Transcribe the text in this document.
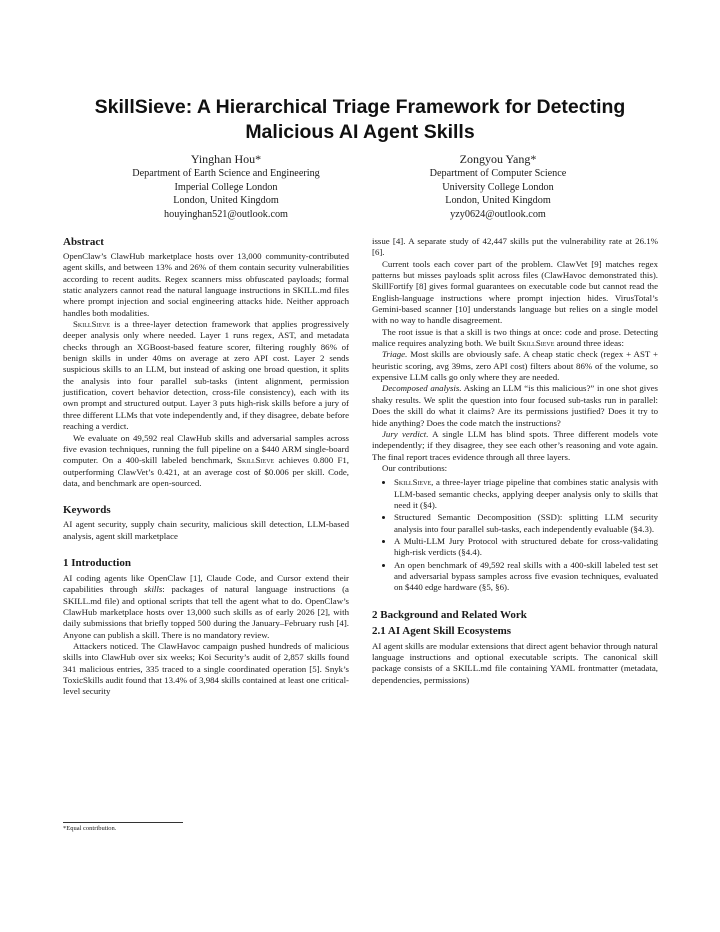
SkillSieve: A Hierarchical Triage Framework for Detecting
Malicious AI Agent Skills
Yinghan Hou*
Department of Earth Science and Engineering
Imperial College London
London, United Kingdom
houyinghan521@outlook.com
Zongyou Yang*
Department of Computer Science
University College London
London, United Kingdom
yzy0624@outlook.com
Abstract

OpenClaw’s ClawHub marketplace hosts over 13,000 community-contributed agent skills, and between 13% and 26% of them contain security vulnerabilities according to recent audits. Regex scanners miss obfuscated payloads; formal static analyzers cannot read the natural language instructions in SKILL.md files where prompt injection and social engineering attacks hide. Neither approach handles both modalities.

SkillSieve is a three-layer detection framework that applies progressively deeper analysis only where needed. Layer 1 runs regex, AST, and metadata checks through an XGBoost-based feature scorer, filtering roughly 86% of benign skills in under 40ms on average at zero API cost. Layer 2 sends suspicious skills to an LLM, but instead of asking one broad question, it splits the analysis into four parallel sub-tasks (intent alignment, permission justification, covert behavior detection, cross-file consistency), each with its own prompt and structured output. Layer 3 puts high-risk skills before a jury of three different LLMs that vote independently and, if they disagree, debate before reaching a verdict.

We evaluate on 49,592 real ClawHub skills and adversarial samples across five evasion techniques, running the full pipeline on a $440 ARM single-board computer. On a 400-skill labeled benchmark, SkillSieve achieves 0.800 F1, outperforming ClawVet’s 0.421, at an average cost of $0.006 per skill. Code, data, and benchmark are open-sourced.

Keywords

AI agent security, supply chain security, malicious skill detection, LLM-based analysis, agent skill marketplace

1 Introduction

AI coding agents like OpenClaw [1], Claude Code, and Cursor extend their capabilities through skills: packages of natural language instructions (a SKILL.md file) and optional scripts that tell the agent what to do. OpenClaw’s ClawHub marketplace hosts over 13,000 such skills as of early 2026 [2], with daily submissions that briefly topped 500 during the January–February rush [4]. Anyone can publish a skill. There is no mandatory review.

Attackers noticed. The ClawHavoc campaign pushed hundreds of malicious skills into ClawHub over six weeks; Koi Security’s audit of 2,857 skills found 341 malicious entries, 335 traced to a single coordinated operation [5]. Snyk’s ToxicSkills audit found that 13.4% of 3,984 skills contained at least one critical-level security

issue [4]. A separate study of 42,447 skills put the vulnerability rate at 26.1% [6].

Current tools each cover part of the problem. ClawVet [9] matches regex patterns but misses payloads split across files (ClawHavoc demonstrated this). SkillFortify [8] gives formal guarantees on executable code but cannot read the English-language instructions where prompt injection hides. VirusTotal’s Gemini-based scanner [10] understands language but relies on a single model with no way to handle disagreement.

The root issue is that a skill is two things at once: code and prose. Detecting malice requires analyzing both. We built SkillSieve around three ideas:

Triage. Most skills are obviously safe. A cheap static check (regex + AST + heuristic scoring, avg 39ms, zero API cost) filters about 86% of the volume, so expensive LLM calls go only where they are needed.

Decomposed analysis. Asking an LLM “is this malicious?” in one shot gives shaky results. We split the question into four focused sub-tasks run in parallel: Does the skill do what it claims? Are its permissions justified? Does it try to hide anything? Does the code match the instructions?

Jury verdict. A single LLM has blind spots. Three different models vote independently; if they disagree, they see each other’s reasoning and vote again. The final report traces evidence through all three layers.

Our contributions:

• SkillSieve, a three-layer triage pipeline that combines static analysis with LLM-based semantic checks, applying deeper analysis only to skills that need it (§4).
• Structured Semantic Decomposition (SSD): splitting LLM security analysis into four parallel sub-tasks, each independently evaluable (§4.3).
• A Multi-LLM Jury Protocol with structured debate for cross-validating high-risk verdicts (§4.4).
• An open benchmark of 49,592 real skills with a 400-skill labeled test set and adversarial bypass samples across five evasion techniques, evaluated on $440 edge hardware (§5, §6).
2 Background and Related Work
2.1 AI Agent Skill Ecosystems

AI agent skills are modular extensions that direct agent behavior through natural language instructions and optional executable scripts. The canonical skill package consists of a SKILL.md file containing YAML frontmatter (metadata, dependencies, permissions)

*Equal contribution.
